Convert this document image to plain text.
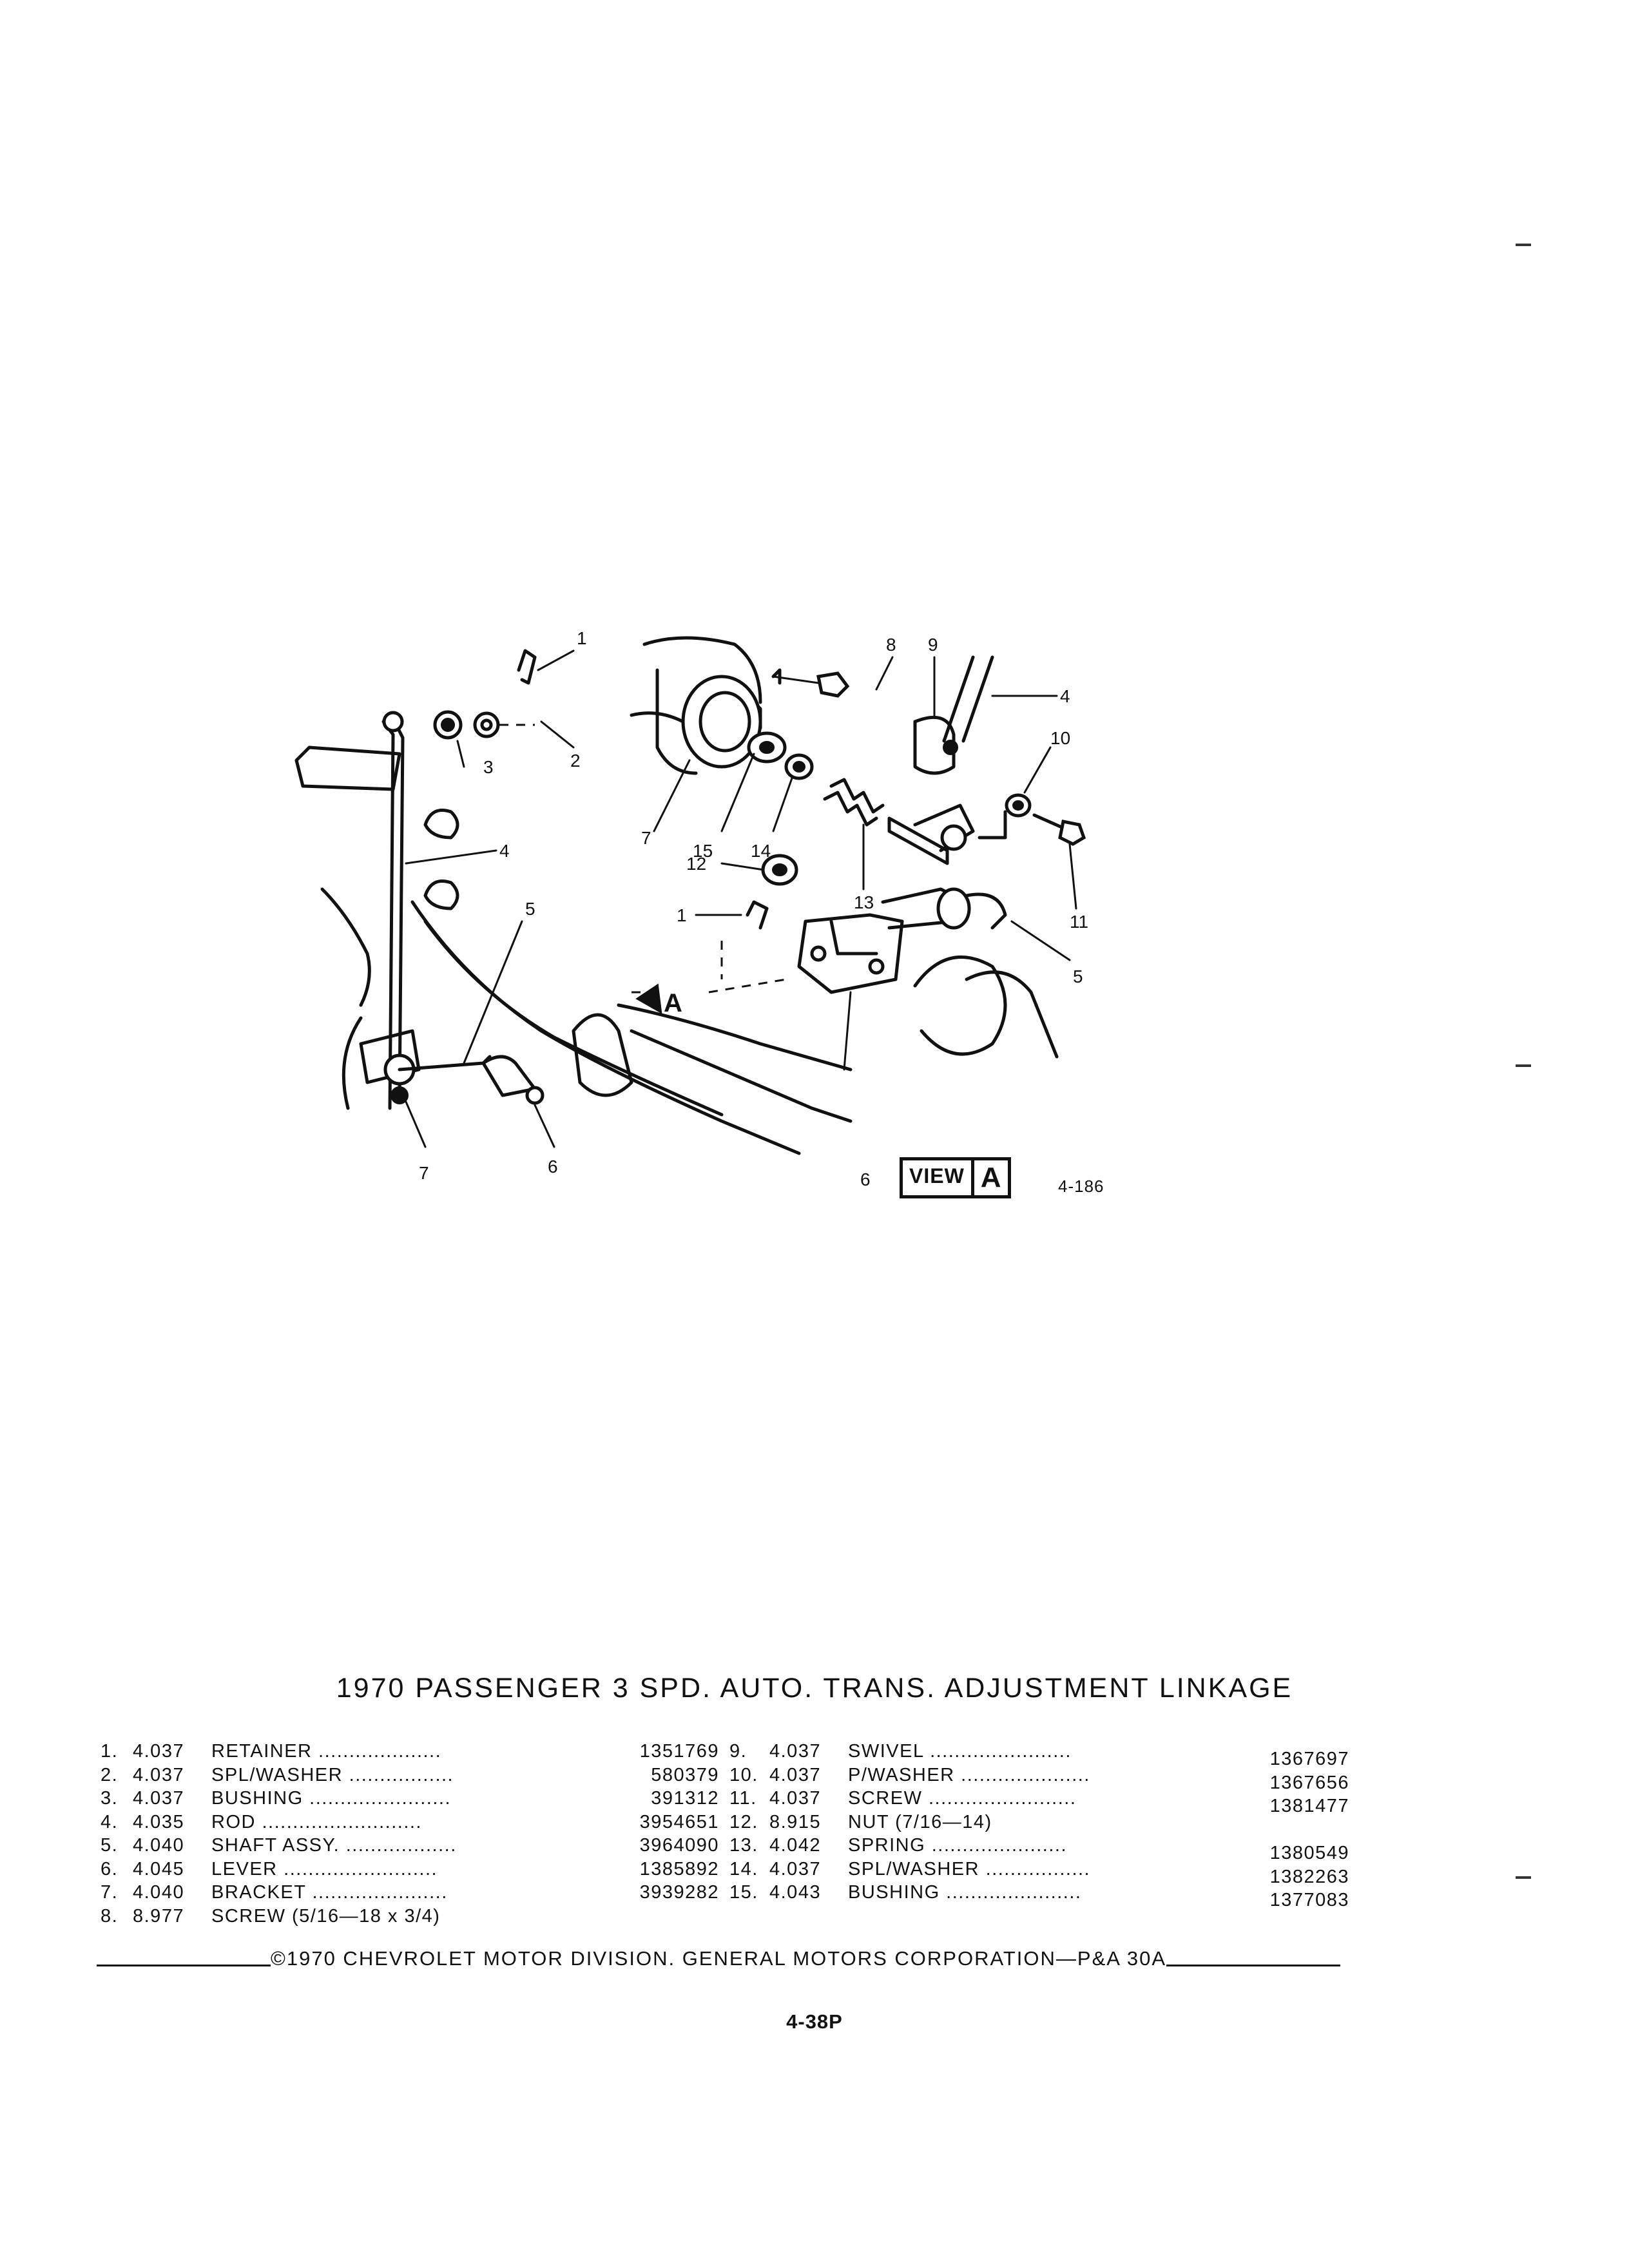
1
2
3
4
5
6
7
8 9
4
10
7
15 14
13
12
11
1
5
6
A
VIEW A	4-186
1970 PASSENGER 3 SPD. AUTO. TRANS. ADJUSTMENT LINKAGE
1. 4.037	RETAINER ....................	1351769
2. 4.037	SPL/WASHER .................	580379
3. 4.037	BUSHING .......................	391312
4. 4.035	ROD ..........................	3954651
5. 4.040	SHAFT ASSY. ..................	3964090
6. 4.045	LEVER .........................	1385892
7. 4.040	BRACKET ......................	3939282
8. 8.977	SCREW (5/16—18 x 3/4)
9.	4.037	SWIVEL .......................	1367697
10. 4.037	P/WASHER .....................	1367656
11. 4.037	SCREW ........................	1381477
12. 8.915	NUT (7/16—14)
13. 4.042	SPRING ......................	1380549
14. 4.037	SPL/WASHER .................	1382263
15. 4.043	BUSHING ......................	1377083
©1970 CHEVROLET MOTOR DIVISION. GENERAL MOTORS CORPORATION—P&A 30A
4-38P
